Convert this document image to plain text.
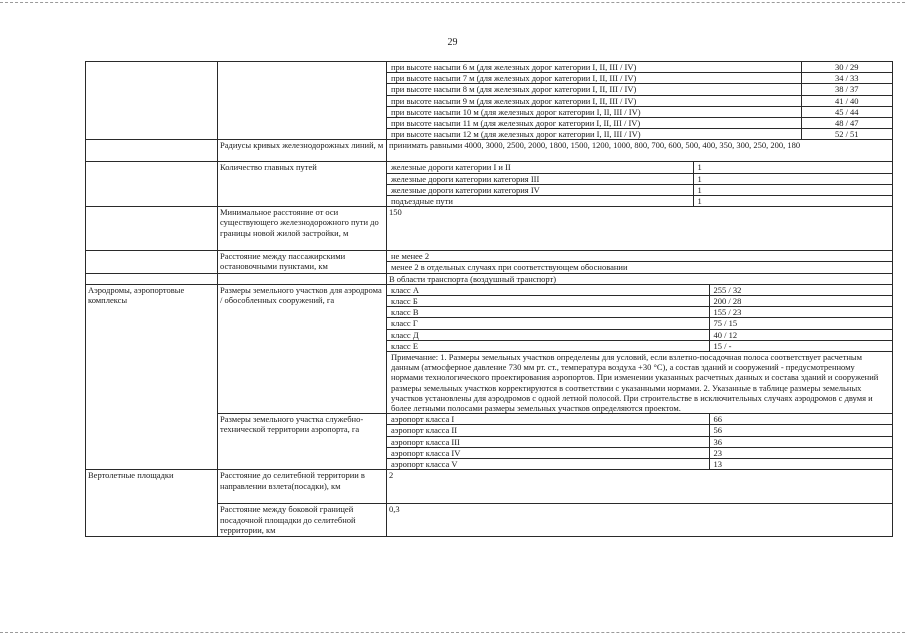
29

при высоте насыпи 6 м (для железных дорог категории I, II, III / IV)	30 / 29
при высоте насыпи 7 м (для железных дорог категории I, II, III / IV)	34 / 33
при высоте насыпи 8 м (для железных дорог категории I, II, III / IV)	38 / 37
при высоте насыпи 9 м (для железных дорог категории I, II, III / IV)	41 / 40
при высоте насыпи 10 м (для железных дорог категории I, II, III / IV)	45 / 44
при высоте насыпи 11 м (для железных дорог категории I, II, III / IV)	48 / 47
при высоте насыпи 12 м (для железных дорог категории I, II, III / IV)	52 / 51

	Радиусы кривых железнодорожных линий, м	принимать равными 4000, 3000, 2500, 2000, 1800, 1500, 1200, 1000, 800, 700, 600, 500, 400, 350, 300, 250, 200, 180
	Количество главных путей		железные дороги категории I и II	1
железные дороги категории категория III	1
железные дороги категории категория IV	1
подъездные пути	1

	Минимальное расстояние от оси существующего железнодорожного пути до границы новой жилой застройки, м	150
	Расстояние между пассажирскими остановочными пунктами, км	
не менее 2
менее 2 в отдельных случаях при соответствующем обосновании

		В области транспорта (воздушный транспорт)
Аэродромы, аэропортовые комплексы	Размеры земельного участков для аэродрома / обособленных сооружений, га	
класс А	255 / 32
класс Б	200 / 28
класс В	155 / 23
класс Г	75 / 15
класс Д	40 / 12
класс Е	15 / -
Примечание: 1. Размеры земельных участков определены для условий, если взлетно-посадочная полоса соответствует расчетным данным (атмосферное давление 730 мм рт. ст., температура воздуха +30 °С), а состав зданий и сооружений - предусмотренному нормами технологического проектирования аэропортов. При изменении указанных расчетных данных и состава зданий и сооружений размеры земельных участков корректируются в соответствии с указанными нормами. 2. Указанные в таблице размеры земельных участков установлены для аэродромов с одной летной полосой. При строительстве в исключительных случаях аэродромов с двумя и более летными полосами размеры земельных участков определяются проектом.

Размеры земельного участка служебно-технической территории аэропорта, га	
аэропорт класса I	66
аэропорт класса II	56
аэропорт класса III	36
аэропорт класса IV	23
аэропорт класса V	13

Вертолетные площадки	Расстояние до селитебной территории в направлении взлета(посадки), км	2
Расстояние между боковой границей посадочной площадки до селитебной территории, км	0,3
